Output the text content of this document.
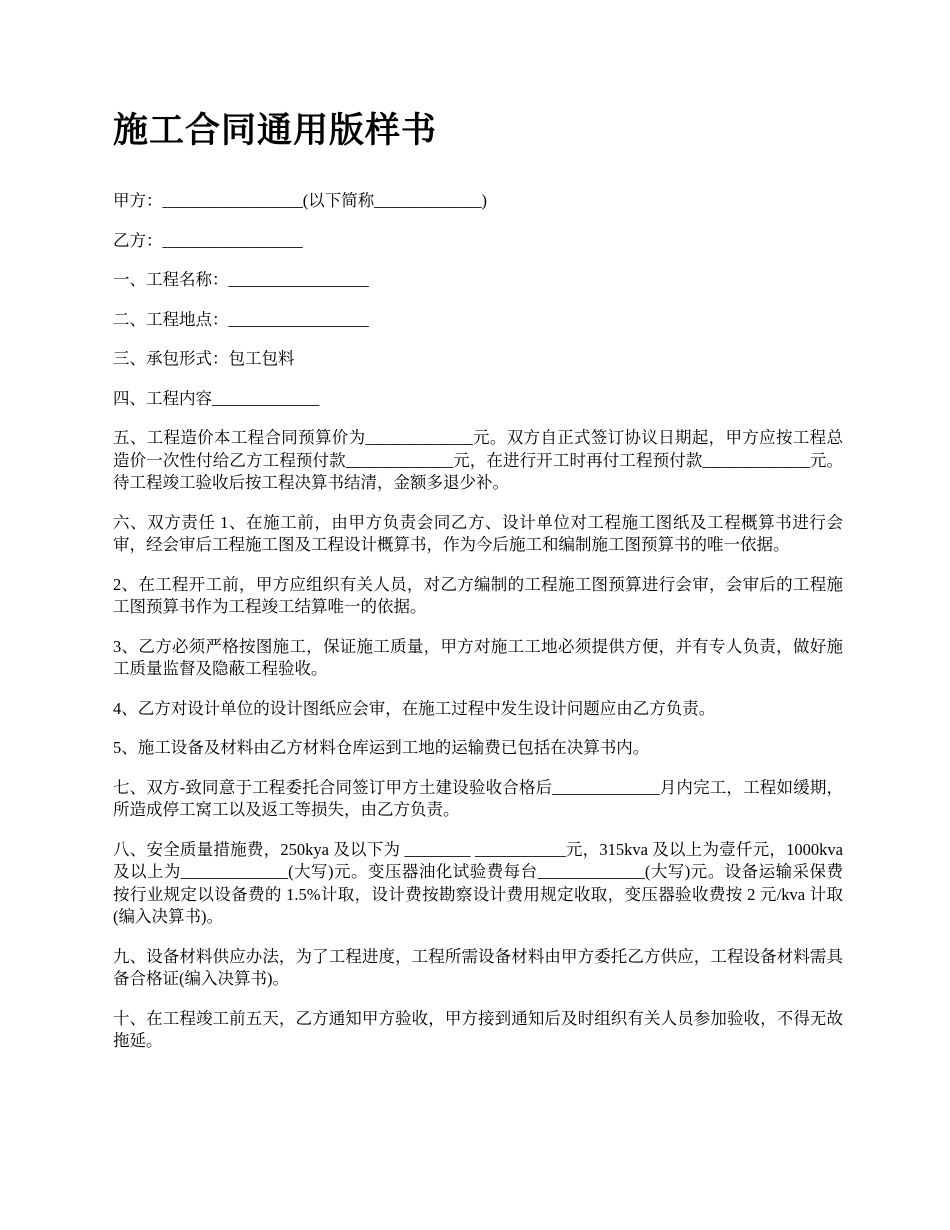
施工合同通用版样书

甲方：_________________(以下简称_____________)

乙方：_________________

一、工程名称：_________________

二、工程地点：_________________

三、承包形式：包工包料

四、工程内容_____________

五、工程造价本工程合同预算价为_____________元。双方自正式签订协议日期起，甲方应按工程总造价一次性付给乙方工程预付款_____________元，在进行开工时再付工程预付款_____________元。待工程竣工验收后按工程决算书结清，金额多退少补。

六、双方责任 1、在施工前，由甲方负责会同乙方、设计单位对工程施工图纸及工程概算书进行会审，经会审后工程施工图及工程设计概算书，作为今后施工和编制施工图预算书的唯一依据。

2、在工程开工前，甲方应组织有关人员，对乙方编制的工程施工图预算进行会审，会审后的工程施工图预算书作为工程竣工结算唯一的依据。

3、乙方必须严格按图施工，保证施工质量，甲方对施工工地必须提供方便，并有专人负责，做好施工质量监督及隐蔽工程验收。

4、乙方对设计单位的设计图纸应会审，在施工过程中发生设计问题应由乙方负责。

5、施工设备及材料由乙方材料仓库运到工地的运输费已包括在决算书内。

七、双方-致同意于工程委托合同签订甲方土建设验收合格后_____________月内完工，工程如缓期，所造成停工窝工以及返工等损失，由乙方负责。

八、安全质量措施费，250kya 及以下为 ________ ___________元，315kva 及以上为壹仟元，1000kva 及以上为_____________(大写)元。变压器油化试验费每台_____________(大写)元。设备运输采保费按行业规定以设备费的 1.5%计取，设计费按勘察设计费用规定收取，变压器验收费按 2 元/kva 计取(编入决算书)。

九、设备材料供应办法，为了工程进度，工程所需设备材料由甲方委托乙方供应，工程设备材料需具备合格证(编入决算书)。

十、在工程竣工前五天，乙方通知甲方验收，甲方接到通知后及时组织有关人员参加验收，不得无故拖延。
